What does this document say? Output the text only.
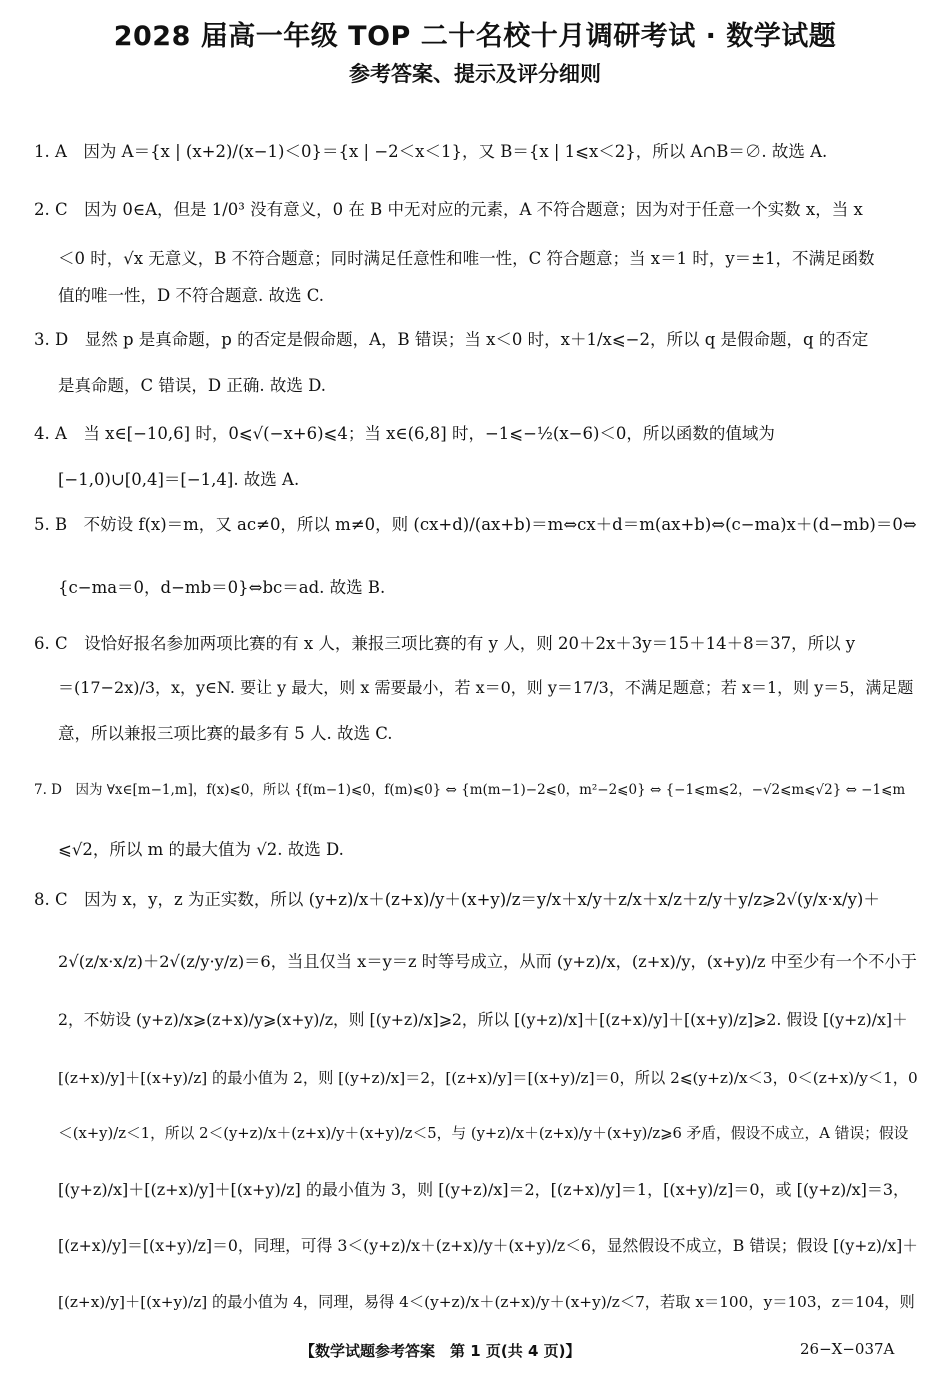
2028 届高一年级 TOP 二十名校十月调研考试 · 数学试题
参考答案、提示及评分细则
1. A　因为 A＝{x | (x+2)/(x−1)＜0}＝{x | −2＜x＜1}，又 B＝{x | 1⩽x＜2}，所以 A∩B＝∅. 故选 A.
2. C　因为 0∈A，但是 1/0³ 没有意义，0 在 B 中无对应的元素，A 不符合题意；因为对于任意一个实数 x，当 x
＜0 时，√x 无意义，B 不符合题意；同时满足任意性和唯一性，C 符合题意；当 x＝1 时，y＝±1，不满足函数
值的唯一性，D 不符合题意. 故选 C.
3. D　显然 p 是真命题，p 的否定是假命题，A，B 错误；当 x＜0 时，x＋1/x⩽−2，所以 q 是假命题，q 的否定
是真命题，C 错误，D 正确. 故选 D.
4. A　当 x∈[−10,6] 时，0⩽√(−x+6)⩽4；当 x∈(6,8] 时，−1⩽−½(x−6)＜0，所以函数的值域为
[−1,0)∪[0,4]＝[−1,4]. 故选 A.
5. B　不妨设 f(x)＝m，又 ac≠0，所以 m≠0，则 (cx+d)/(ax+b)＝m⇔cx＋d＝m(ax+b)⇔(c−ma)x＋(d−mb)＝0⇔
{c−ma＝0，d−mb＝0}⇔bc＝ad. 故选 B.
6. C　设恰好报名参加两项比赛的有 x 人，兼报三项比赛的有 y 人，则 20＋2x＋3y＝15＋14＋8＝37，所以 y
＝(17−2x)/3，x，y∈N. 要让 y 最大，则 x 需要最小，若 x＝0，则 y＝17/3，不满足题意；若 x＝1，则 y＝5，满足题
意，所以兼报三项比赛的最多有 5 人. 故选 C.
7. D　因为 ∀x∈[m−1,m]，f(x)⩽0，所以 {f(m−1)⩽0，f(m)⩽0} ⇔ {m(m−1)−2⩽0，m²−2⩽0} ⇔ {−1⩽m⩽2，−√2⩽m⩽√2} ⇔ −1⩽m
⩽√2，所以 m 的最大值为 √2. 故选 D.
8. C　因为 x，y，z 为正实数，所以 (y+z)/x＋(z+x)/y＋(x+y)/z＝y/x＋x/y＋z/x＋x/z＋z/y＋y/z⩾2√(y/x·x/y)＋
2√(z/x·x/z)＋2√(z/y·y/z)＝6，当且仅当 x＝y＝z 时等号成立，从而 (y+z)/x，(z+x)/y，(x+y)/z 中至少有一个不小于
2，不妨设 (y+z)/x⩾(z+x)/y⩾(x+y)/z，则 [(y+z)/x]⩾2，所以 [(y+z)/x]＋[(z+x)/y]＋[(x+y)/z]⩾2. 假设 [(y+z)/x]＋
[(z+x)/y]＋[(x+y)/z] 的最小值为 2，则 [(y+z)/x]＝2，[(z+x)/y]＝[(x+y)/z]＝0，所以 2⩽(y+z)/x＜3，0＜(z+x)/y＜1，0
＜(x+y)/z＜1，所以 2＜(y+z)/x＋(z+x)/y＋(x+y)/z＜5，与 (y+z)/x＋(z+x)/y＋(x+y)/z⩾6 矛盾，假设不成立，A 错误；假设
[(y+z)/x]＋[(z+x)/y]＋[(x+y)/z] 的最小值为 3，则 [(y+z)/x]＝2，[(z+x)/y]＝1，[(x+y)/z]＝0，或 [(y+z)/x]＝3，
[(z+x)/y]＝[(x+y)/z]＝0，同理，可得 3＜(y+z)/x＋(z+x)/y＋(x+y)/z＜6，显然假设不成立，B 错误；假设 [(y+z)/x]＋
[(z+x)/y]＋[(x+y)/z] 的最小值为 4，同理，易得 4＜(y+z)/x＋(z+x)/y＋(x+y)/z＜7，若取 x＝100，y＝103，z＝104，则
【数学试题参考答案　第 1 页(共 4 页)】	26−X−037A
